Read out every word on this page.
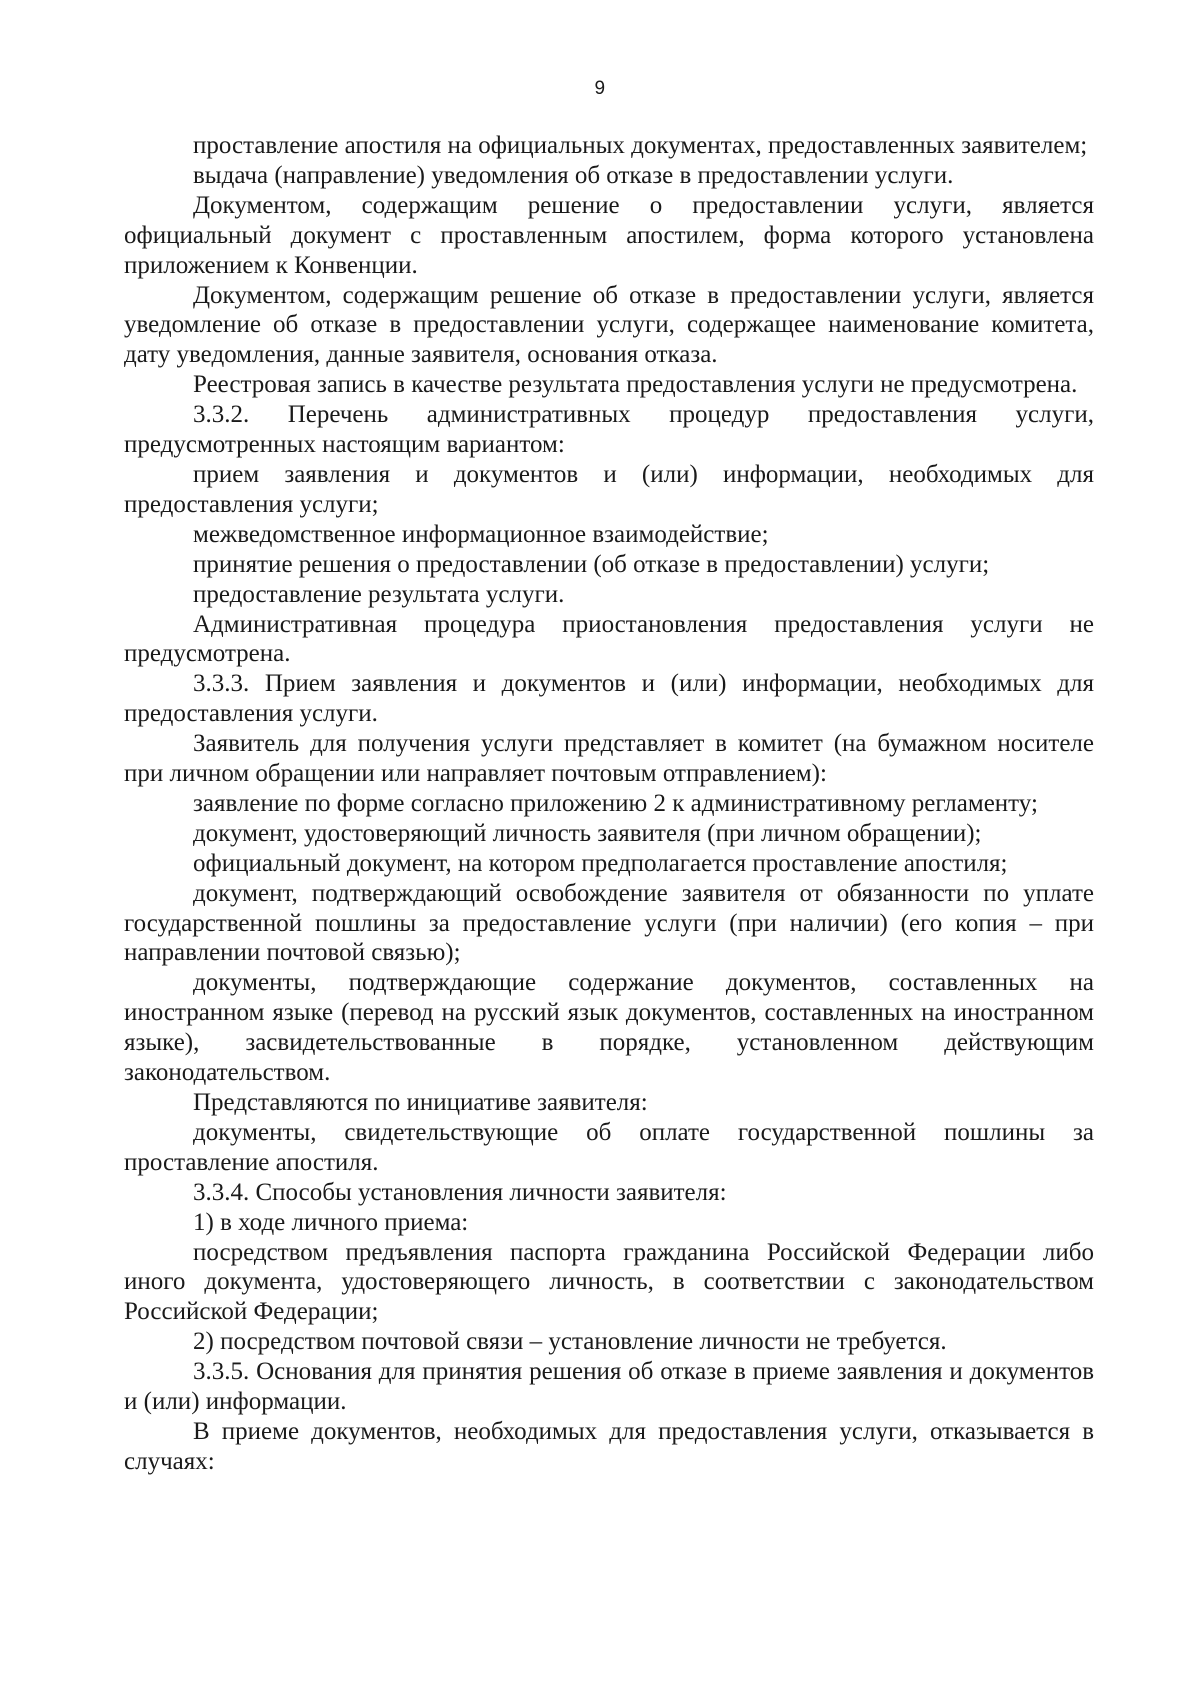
9

проставление апостиля на официальных документах, предоставленных заявителем;

выдача (направление) уведомления об отказе в предоставлении услуги.

Документом, содержащим решение о предоставлении услуги, является официальный документ с проставленным апостилем, форма которого установлена приложением к Конвенции.

Документом, содержащим решение об отказе в предоставлении услуги, является уведомление об отказе в предоставлении услуги, содержащее наименование комитета, дату уведомления, данные заявителя, основания отказа.

Реестровая запись в качестве результата предоставления услуги не предусмотрена.

3.3.2. Перечень административных процедур предоставления услуги, предусмотренных настоящим вариантом:

прием заявления и документов и (или) информации, необходимых для предоставления услуги;

межведомственное информационное взаимодействие;

принятие решения о предоставлении (об отказе в предоставлении) услуги;

предоставление результата услуги.

Административная процедура приостановления предоставления услуги не предусмотрена.

3.3.3. Прием заявления и документов и (или) информации, необходимых для предоставления услуги.

Заявитель для получения услуги представляет в комитет (на бумажном носителе при личном обращении или направляет почтовым отправлением):

заявление по форме согласно приложению 2 к административному регламенту;

документ, удостоверяющий личность заявителя (при личном обращении);

официальный документ, на котором предполагается проставление апостиля;

документ, подтверждающий освобождение заявителя от обязанности по уплате государственной пошлины за предоставление услуги (при наличии) (его копия – при направлении почтовой связью);

документы, подтверждающие содержание документов, составленных на иностранном языке (перевод на русский язык документов, составленных на иностранном языке), засвидетельствованные в порядке, установленном действующим законодательством.

Представляются по инициативе заявителя:

документы, свидетельствующие об оплате государственной пошлины за проставление апостиля.

3.3.4. Способы установления личности заявителя:

1) в ходе личного приема:

посредством предъявления паспорта гражданина Российской Федерации либо иного документа, удостоверяющего личность, в соответствии с законодательством Российской Федерации;

2) посредством почтовой связи – установление личности не требуется.

3.3.5. Основания для принятия решения об отказе в приеме заявления и документов и (или) информации.

В приеме документов, необходимых для предоставления услуги, отказывается в случаях:
